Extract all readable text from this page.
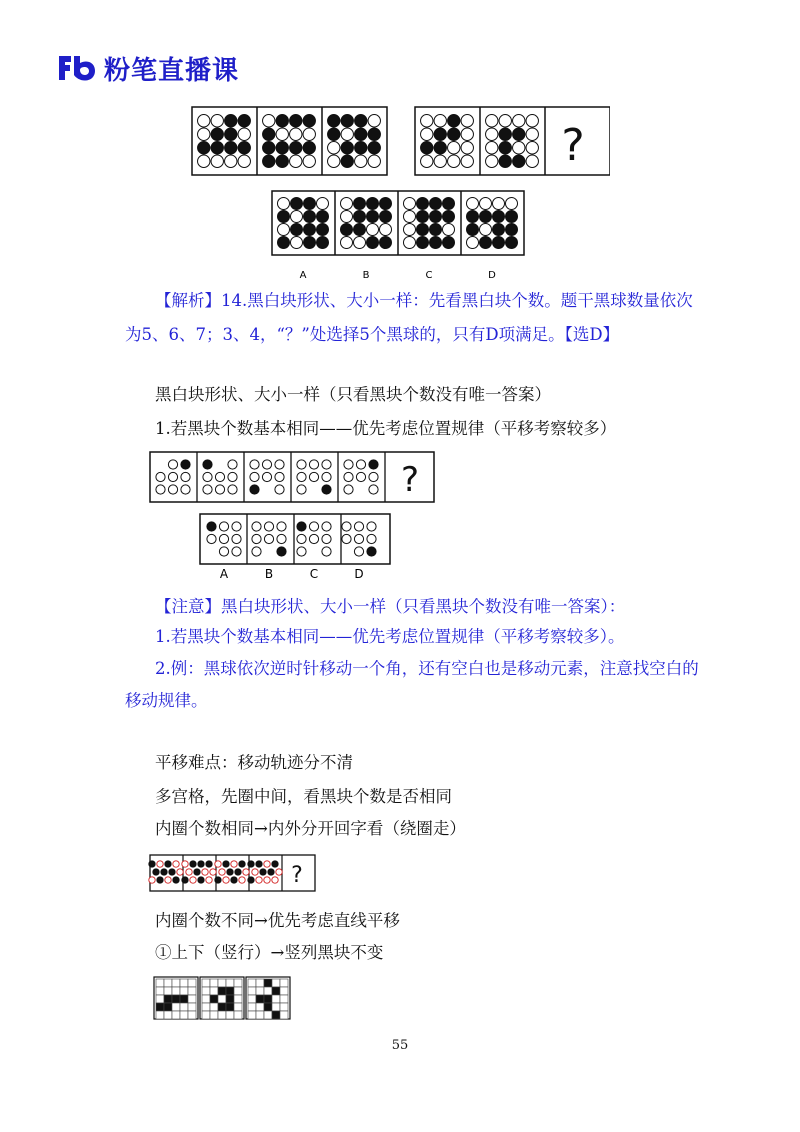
粉笔直播课
?
A	B	C	D
【解析】14.黑白块形状、大小一样：先看黑白块个数。题干黑球数量依次
为5、6、7；3、4，“？”处选择5个黑球的，只有D项满足。【选D】
黑白块形状、大小一样（只看黑块个数没有唯一答案）
1.若黑块个数基本相同——优先考虑位置规律（平移考察较多）
?
A	B	C	D
【注意】黑白块形状、大小一样（只看黑块个数没有唯一答案）：
1.若黑块个数基本相同——优先考虑位置规律（平移考察较多）。
2.例：黑球依次逆时针移动一个角，还有空白也是移动元素，注意找空白的
移动规律。
平移难点：移动轨迹分不清
多宫格，先圈中间，看黑块个数是否相同
内圈个数相同→内外分开回字看（绕圈走）
?
内圈个数不同→优先考虑直线平移
①上下（竖行）→竖列黑块不变
55
